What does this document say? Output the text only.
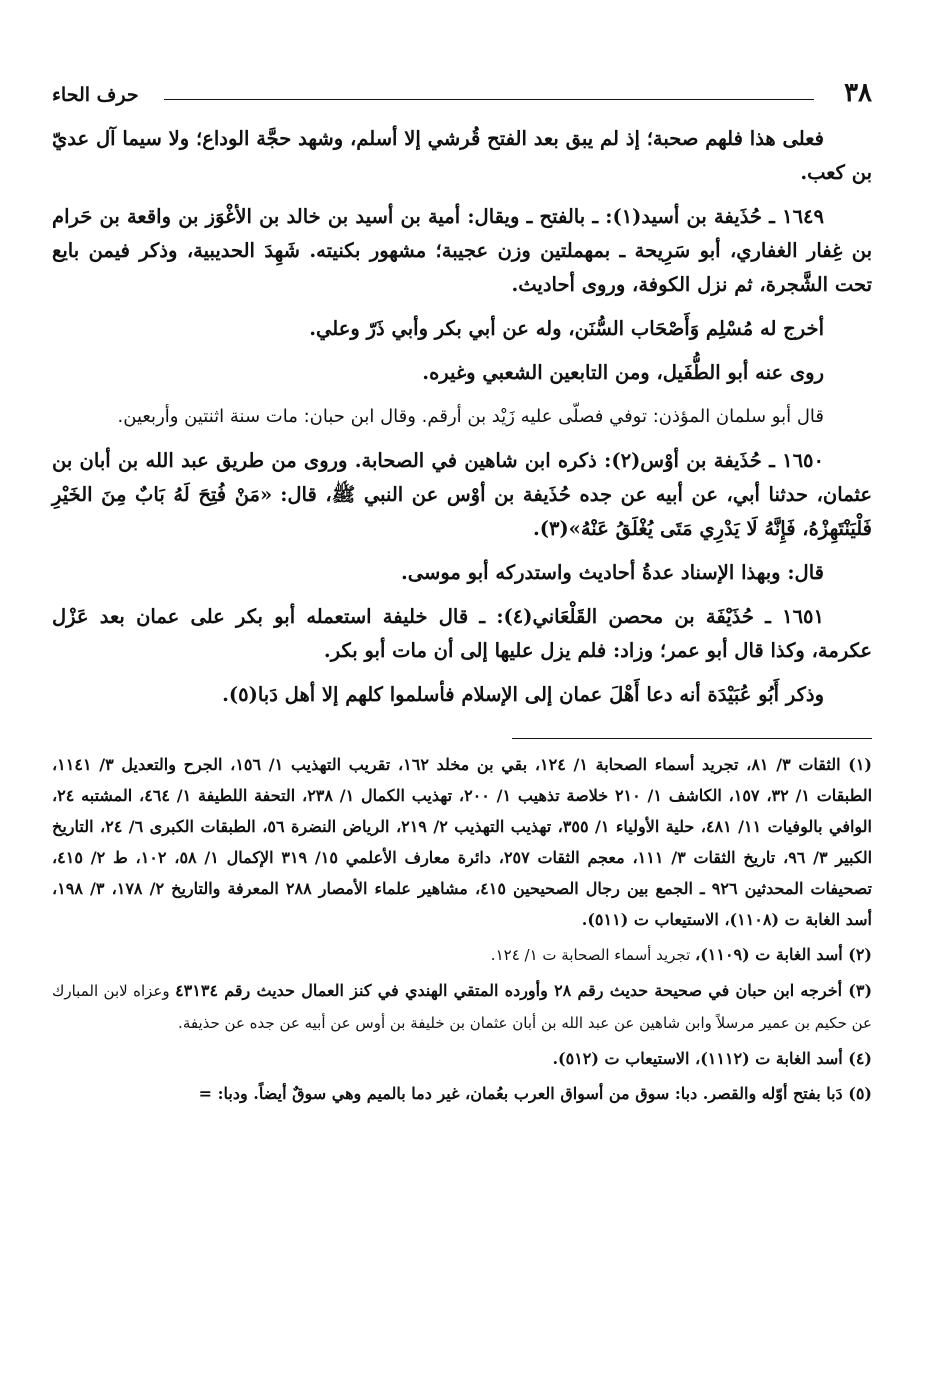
٣٨
حرف الحاء

فعلى هذا فلهم صحبة؛ إذ لم يبق بعد الفتح قُرشي إلا أسلم، وشهد حجَّة الوداع؛ ولا سيما آل عديّ بن كعب.

١٦٤٩ ـ حُذَيفة بن أسيد(١): ـ بالفتح ـ ويقال: أمية بن أسيد بن خالد بن الأغْوَز بن واقعة بن حَرام بن غِفار الغفاري، أبو سَرِيحة ـ بمهملتين وزن عجيبة؛ مشهور بكنيته. شَهِدَ الحديبية، وذكر فيمن بايع تحت الشَّجرة، ثم نزل الكوفة، وروى أحاديث.

أخرج له مُسْلِم وَأَصْحَاب السُّنَن، وله عن أبي بكر وأبي ذَرّ وعلي.

روى عنه أبو الطُّفَيل، ومن التابعين الشعبي وغيره.

قال أبو سلمان المؤذن: توفي فصلّى عليه زَيْد بن أرقم. وقال ابن حبان: مات سنة اثنتين وأربعين.

١٦٥٠ ـ حُذَيفة بن أوْس(٢): ذكره ابن شاهين في الصحابة. وروى من طريق عبد الله بن أبان بن عثمان، حدثنا أبي، عن أبيه عن جده حُذَيفة بن أوْس عن النبي ﷺ، قال: «مَنْ فُتِحَ لَهُ بَابٌ مِنَ الخَيْرِ فَلْيَنْتَهِزْهُ، فَإِنَّهُ لَا يَدْرِي مَتَى يُغْلَقُ عَنْهُ»(٣).

قال: وبهذا الإسناد عدةُ أحاديث واستدركه أبو موسى.

١٦٥١ ـ حُذَيْفَة بن محصن القَلْعَاني(٤): ـ قال خليفة استعمله أبو بكر على عمان بعد عَزْل عكرمة، وكذا قال أبو عمر؛ وزاد: فلم يزل عليها إلى أن مات أبو بكر.

وذكر أَبُو عُبَيْدَة أنه دعا أَهْلَ عمان إلى الإسلام فأسلموا كلهم إلا أهل دَبا(٥).

(١) الثقات ٣/ ٨١، تجريد أسماء الصحابة ١/ ١٢٤، بقي بن مخلد ١٦٢، تقريب التهذيب ١/ ١٥٦، الجرح والتعديل ٣/ ١١٤١، الطبقات ١/ ٣٢، ١٥٧، الكاشف ١/ ٢١٠ خلاصة تذهيب ١/ ٢٠٠، تهذيب الكمال ١/ ٢٣٨، التحفة اللطيفة ١/ ٤٦٤، المشتبه ٢٤، الوافي بالوفيات ١١/ ٤٨١، حلية الأولياء ١/ ٣٥٥، تهذيب التهذيب ٢/ ٢١٩، الرياض النضرة ٥٦، الطبقات الكبرى ٦/ ٢٤، التاريخ الكبير ٣/ ٩٦، تاريخ الثقات ٣/ ١١١، معجم الثقات ٢٥٧، دائرة معارف الأعلمي ١٥/ ٣١٩ الإكمال ١/ ٥٨، ١٠٢، ط ٢/ ٤١٥، تصحيفات المحدثين ٩٢٦ ـ الجمع بين رجال الصحيحين ٤١٥، مشاهير علماء الأمصار ٢٨٨ المعرفة والتاريخ ٢/ ١٧٨، ٣/ ١٩٨، أسد الغابة ت (١١٠٨)، الاستيعاب ت (٥١١).

(٢) أسد الغابة ت (١١٠٩)، تجريد أسماء الصحابة ت ١/ ١٢٤.

(٣) أخرجه ابن حبان في صحيحة حديث رقم ٢٨ وأورده المتقي الهندي في كنز العمال حديث رقم ٤٣١٣٤ وعزاه لابن المبارك عن حكيم بن عمير مرسلاً وابن شاهين عن عبد الله بن أبان عثمان بن خليفة بن أوس عن أبيه عن جده عن حذيفة.

(٤) أسد الغابة ت (١١١٢)، الاستيعاب ت (٥١٢).

(٥) دَبا بفتح أوّله والقصر. دبا: سوق من أسواق العرب بعُمان، غير دما بالميم وهي سوقٌ أيضاً. ودبا: =
